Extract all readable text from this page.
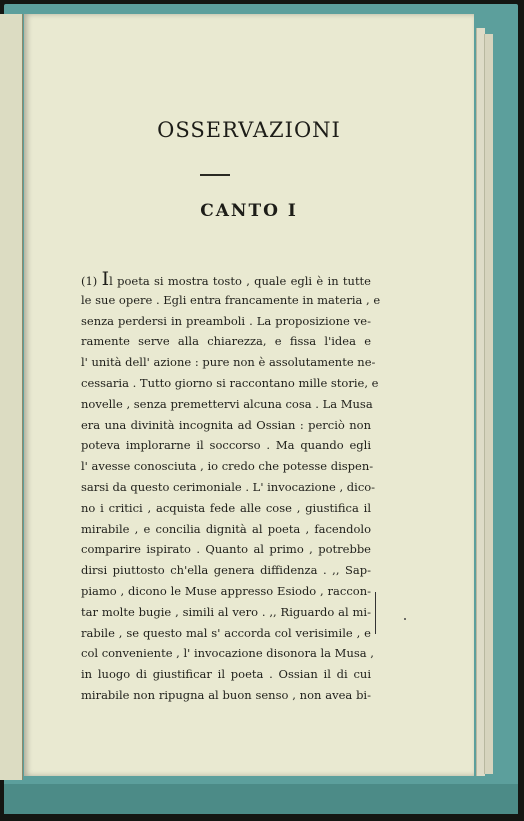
OSSERVAZIONI
CANTO I
(1) Il poeta si mostra tosto , quale egli è in tutte
le sue opere . Egli entra francamente in materia , e
senza perdersi in preamboli . La proposizione ve-
ramente serve alla chiarezza, e fissa l'idea e
l' unità dell' azione : pure non è assolutamente ne-
cessaria . Tutto giorno si raccontano mille storie, e
novelle , senza premettervi alcuna cosa . La Musa
era una divinità incognita ad Ossian : perciò non
poteva implorarne il soccorso . Ma quando egli
l' avesse conosciuta , io credo che potesse dispen-
sarsi da questo cerimoniale . L' invocazione , dico-
no i critici , acquista fede alle cose , giustifica il
mirabile , e concilia dignità al poeta , facendolo
comparire ispirato . Quanto al primo , potrebbe
dirsi piuttosto ch'ella genera diffidenza . ,, Sap-
piamo , dicono le Muse appresso Esiodo , raccon-
tar molte bugie , simili al vero . ,, Riguardo al mi-
rabile , se questo mal s' accorda col verisimile , e
col conveniente , l' invocazione disonora la Musa ,
in luogo di giustificar il poeta . Ossian il di cui
mirabile non ripugna al buon senso , non avea bi-
